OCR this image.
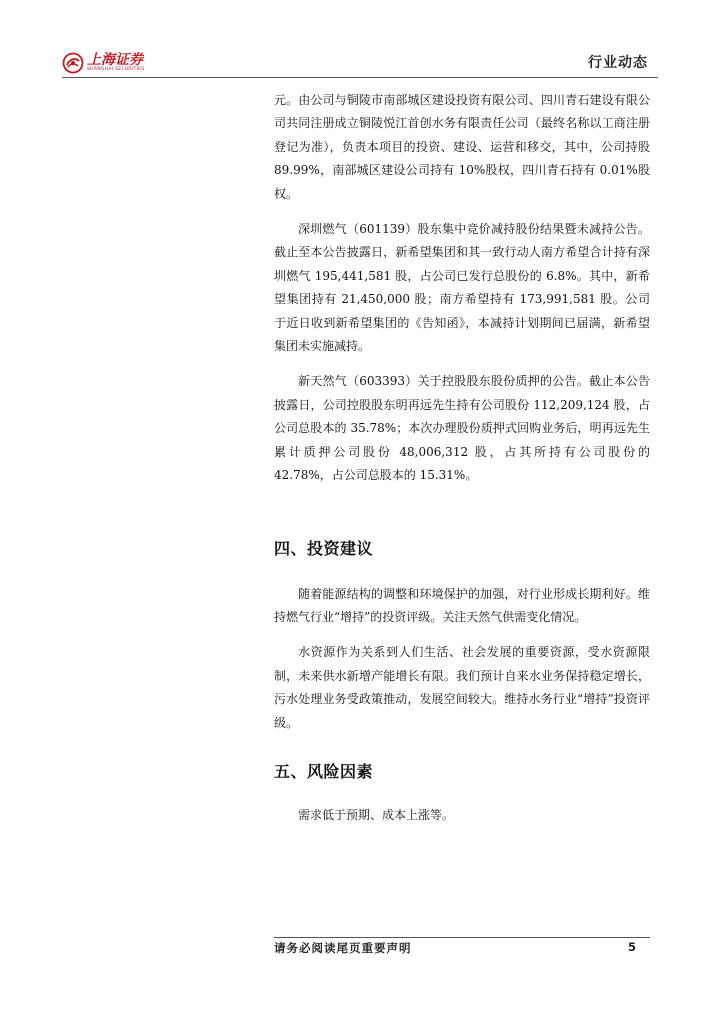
上海证券
SHANGHAI SECURITIES	行业动态

元。由公司与铜陵市南部城区建设投资有限公司、四川青石建设有限公司共同注册成立铜陵悦江首创水务有限责任公司（最终名称以工商注册登记为准），负责本项目的投资、建设、运营和移交，其中，公司持股 89.99%，南部城区建设公司持有 10%股权，四川青石持有 0.01%股权。

深圳燃气（601139）股东集中竞价减持股份结果暨未减持公告。截止至本公告披露日，新希望集团和其一致行动人南方希望合计持有深圳燃气 195,441,581 股，占公司已发行总股份的 6.8%。其中，新希望集团持有 21,450,000 股；南方希望持有 173,991,581 股。公司于近日收到新希望集团的《告知函》，本减持计划期间已届满，新希望集团未实施减持。

新天然气（603393）关于控股股东股份质押的公告。截止本公告披露日，公司控股股东明再远先生持有公司股份 112,209,124 股，占公司总股本的 35.78%；本次办理股份质押式回购业务后，明再远先生累计质押公司股份 48,006,312 股，占其所持有公司股份的 42.78%，占公司总股本的 15.31%。

四、投资建议

随着能源结构的调整和环境保护的加强，对行业形成长期利好。维持燃气行业“增持”的投资评级。关注天然气供需变化情况。

水资源作为关系到人们生活、社会发展的重要资源，受水资源限制，未来供水新增产能增长有限。我们预计自来水业务保持稳定增长，污水处理业务受政策推动，发展空间较大。维持水务行业“增持”投资评级。

五、风险因素

需求低于预期、成本上涨等。

请务必阅读尾页重要声明	5
